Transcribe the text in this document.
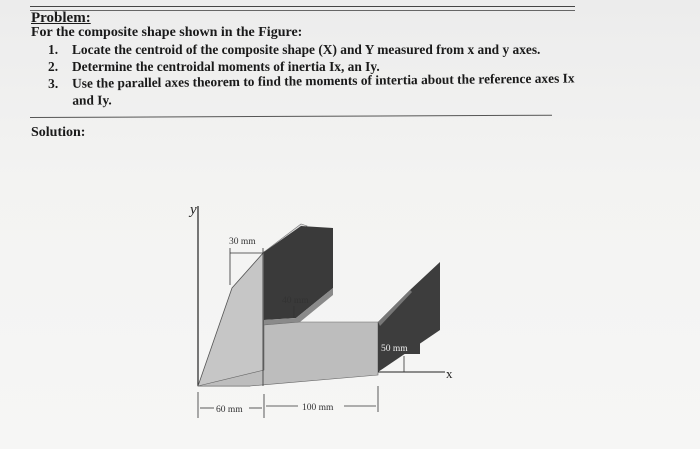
Problem:
For the composite shape shown in the Figure:
1.	Locate the centroid of the composite shape (X) and Y measured from x and y axes.
2.	Determine the centroidal moments of inertia Ix, an Iy.
3.	Use the parallel axes theorem to find the moments of intertia about the reference axes Ix and Iy.
Solution:
y
x
30 mm
40 mm
50 mm
60 mm	100 mm
